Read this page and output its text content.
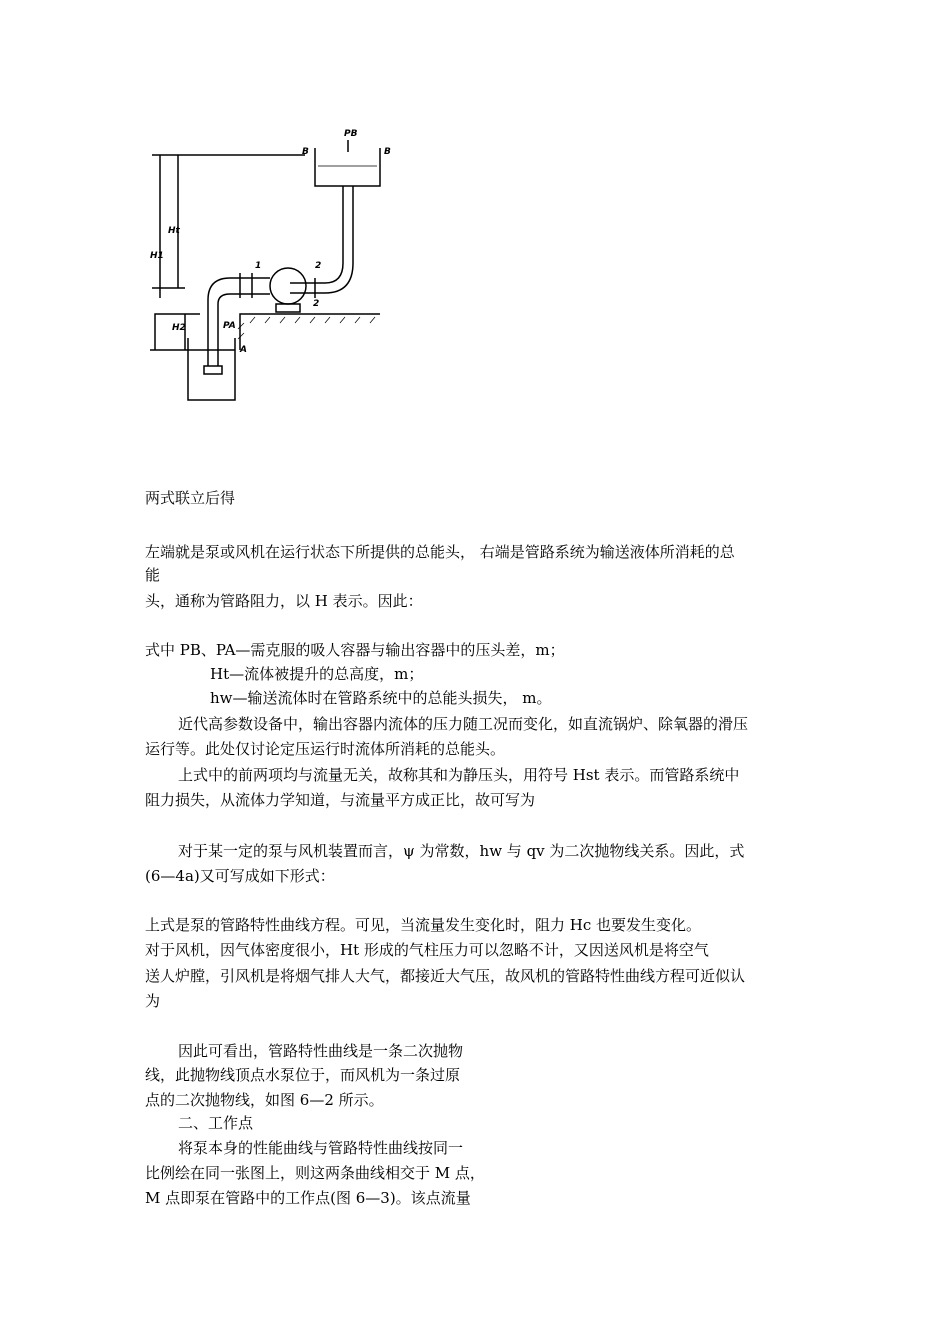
PB
B	B
H1
Ht
H2	PA
A
1	2
2
两式联立后得
左端就是泵或风机在运行状态下所提供的总能头， 右端是管路系统为输送液体所消耗的总
能
头，通称为管路阻力，以 H 表示。因此：
式中 PB、PA—需克服的吸人容器与输出容器中的压头差，m；
Ht—流体被提升的总高度，m；
hw—输送流体时在管路系统中的总能头损失， m。
近代高参数设备中，输出容器内流体的压力随工况而变化，如直流锅炉、除氧器的滑压
运行等。此处仅讨论定压运行时流体所消耗的总能头。
上式中的前两项均与流量无关，故称其和为静压头，用符号 Hst 表示。而管路系统中
阻力损失，从流体力学知道，与流量平方成正比，故可写为
对于某一定的泵与风机装置而言，ψ 为常数，hw 与 qv 为二次抛物线关系。因此，式
(6—4a)又可写成如下形式：
上式是泵的管路特性曲线方程。可见，当流量发生变化时，阻力 Hc 也要发生变化。
对于风机，因气体密度很小，Ht 形成的气柱压力可以忽略不计，又因送风机是将空气
送人炉膛，引风机是将烟气排人大气，都接近大气压，故风机的管路特性曲线方程可近似认
为
因此可看出，管路特性曲线是一条二次抛物
线，此抛物线顶点水泵位于，而风机为一条过原
点的二次抛物线，如图 6—2 所示。
二、工作点
将泵本身的性能曲线与管路特性曲线按同一
比例绘在同一张图上，则这两条曲线相交于 M 点，
M 点即泵在管路中的工作点(图 6—3)。该点流量
